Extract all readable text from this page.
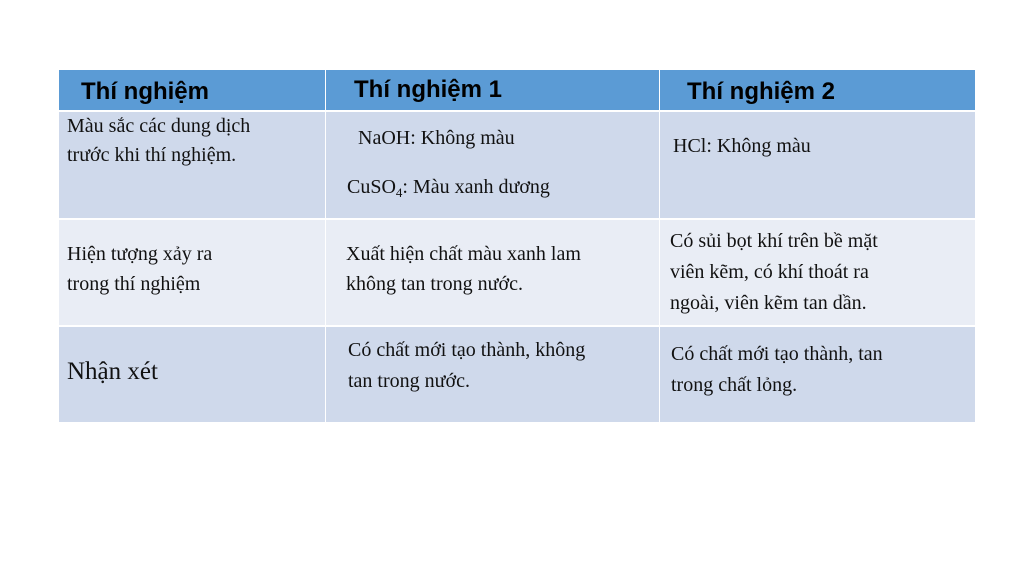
Thí nghiệm	Thí nghiệm 1	Thí nghiệm 2

Màu sắc các dung dịch

trước khi thí nghiệm.

NaOH: Không màu

CuSO$_4$: Màu xanh dương

HCl: Không màu

Hiện tượng xảy ra

trong thí nghiệm

Xuất hiện chất màu xanh lam

không tan trong nước.

Có sủi bọt khí trên bề mặt

viên kẽm, có khí thoát ra

ngoài, viên kẽm tan dần.

Nhận xét

Có chất mới tạo thành, không

tan trong nước.

Có chất mới tạo thành, tan

trong chất lỏng.
